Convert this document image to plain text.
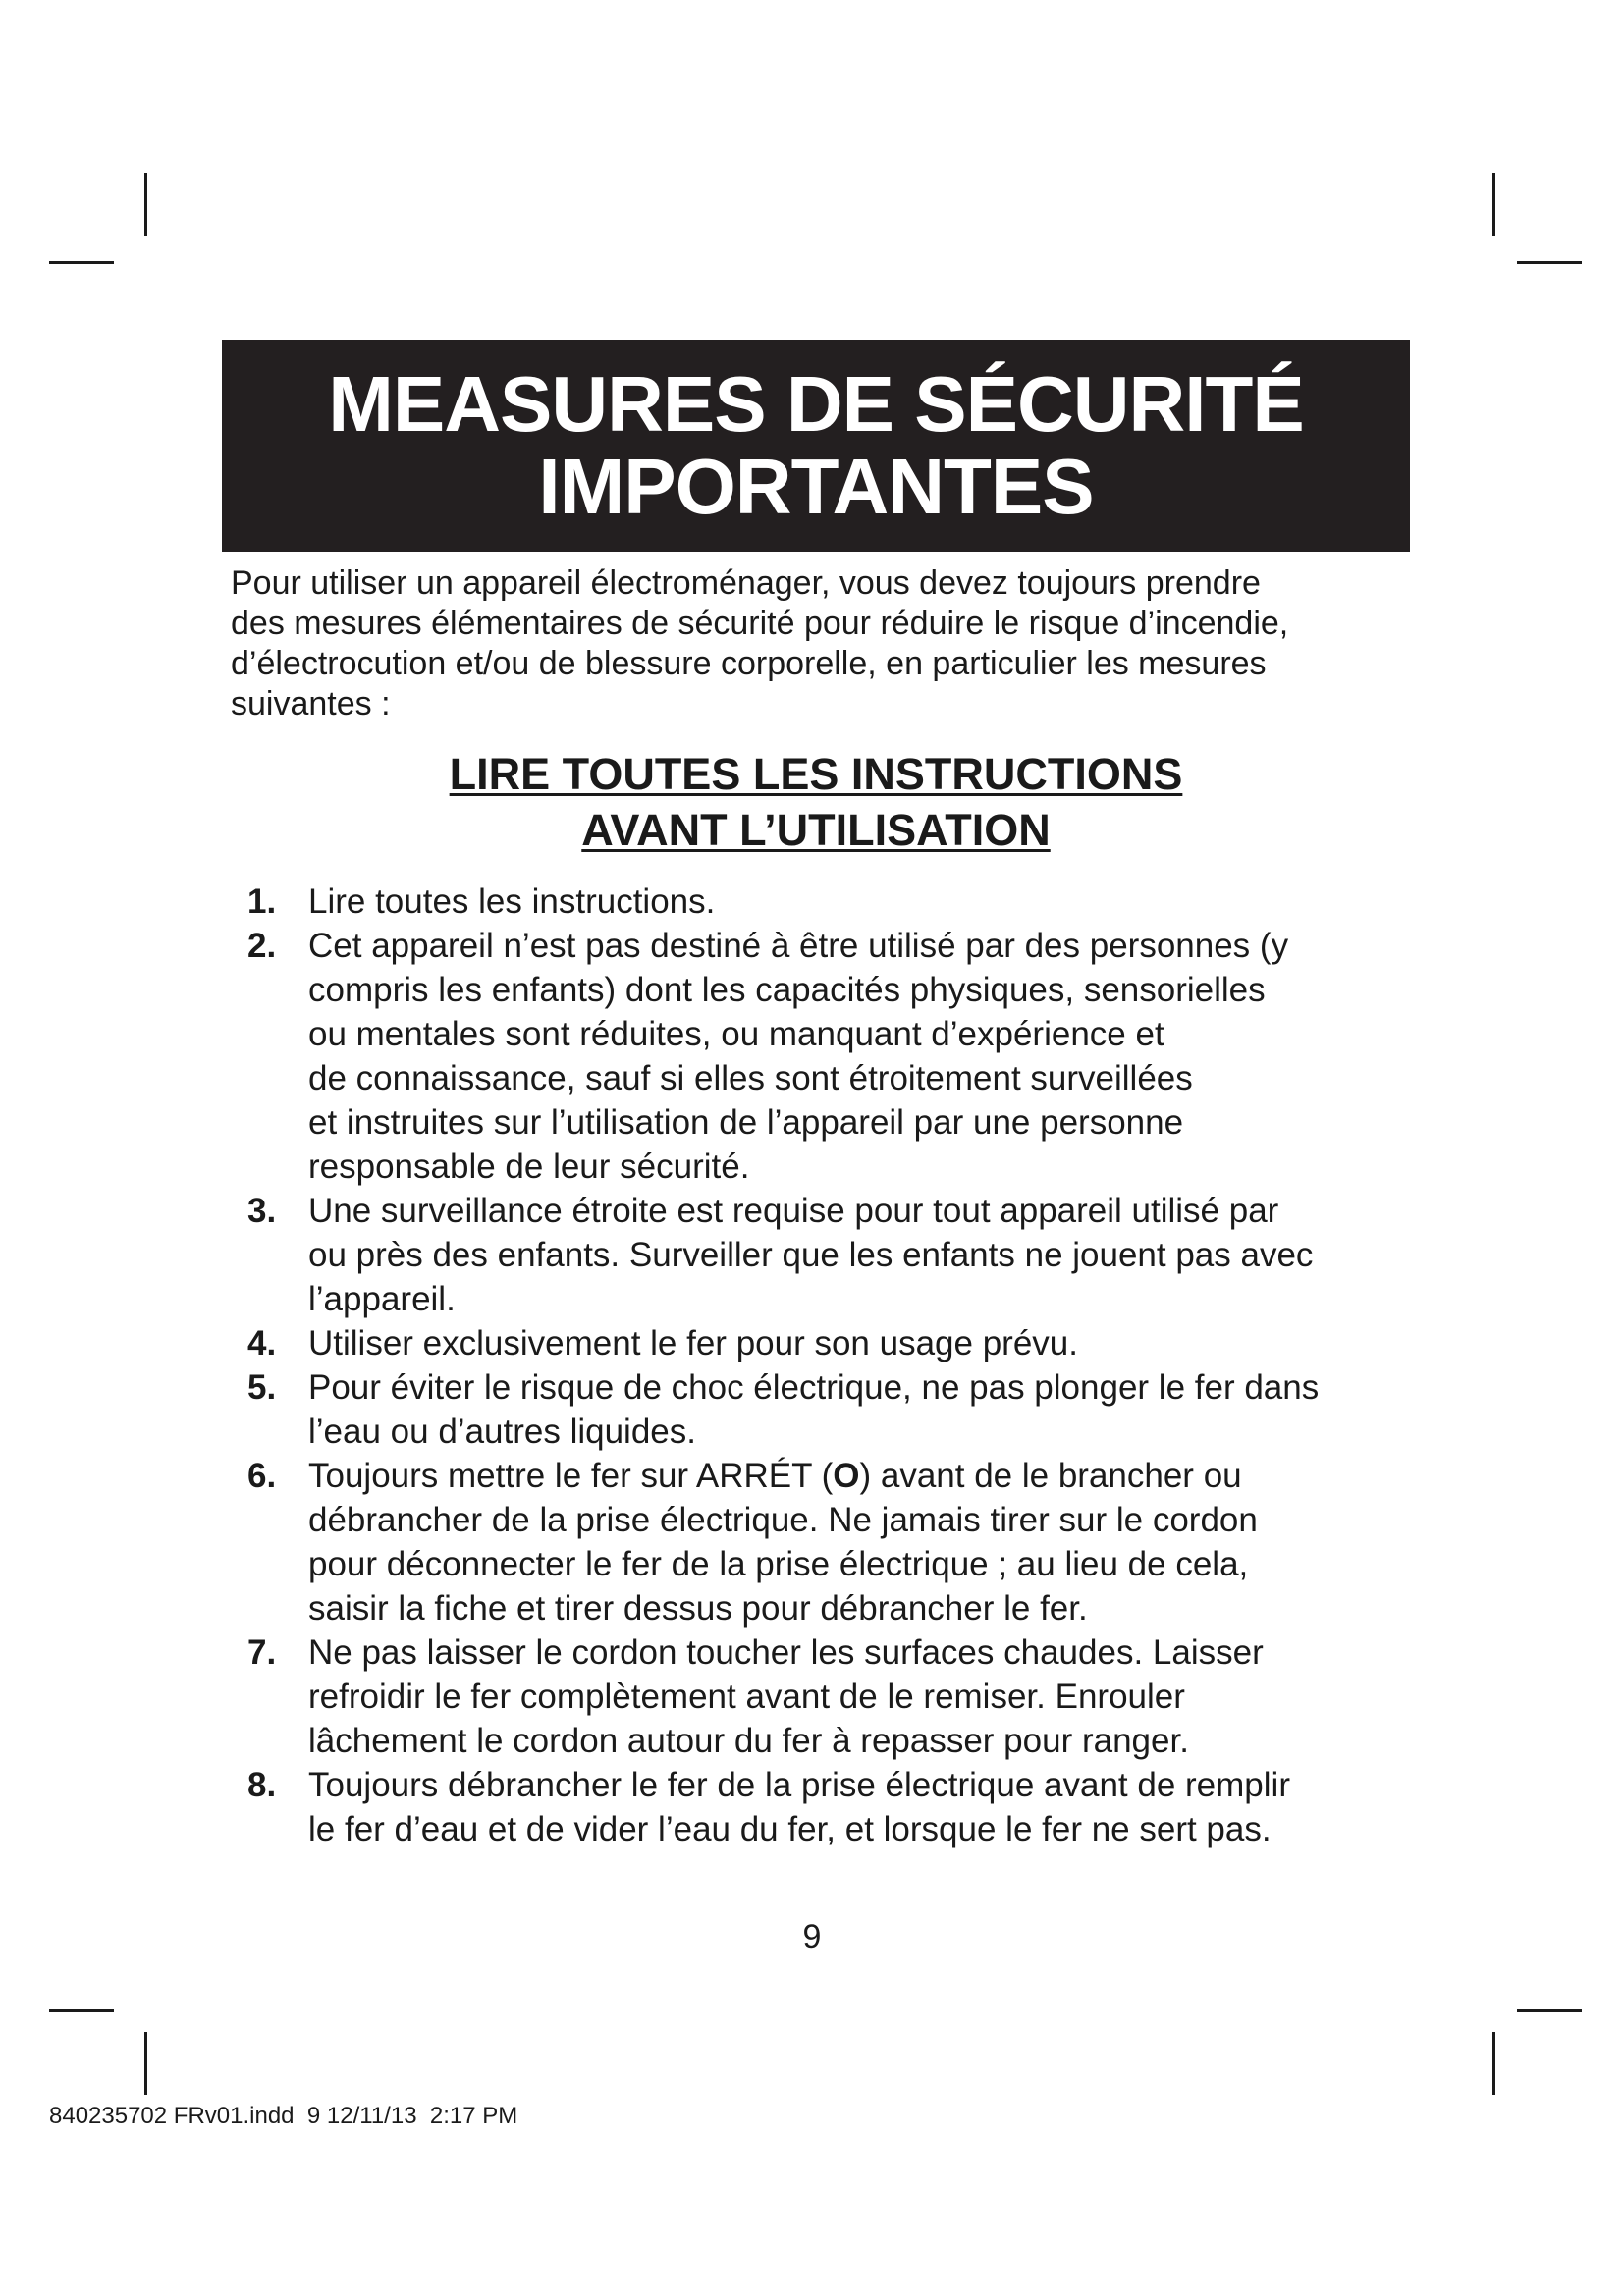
MEASURES DE SÉCURITÉ
IMPORTANTES

Pour utiliser un appareil électroménager, vous devez toujours prendre
des mesures élémentaires de sécurité pour réduire le risque d’incendie,
d’électrocution et/ou de blessure corporelle, en particulier les mesures
suivantes :

LIRE TOUTES LES INSTRUCTIONS
AVANT L’UTILISATION
1. Lire toutes les instructions.
2. Cet appareil n’est pas destiné à être utilisé par des personnes (y
compris les enfants) dont les capacités physiques, sensorielles
ou mentales sont réduites, ou manquant d’expérience et
de connaissance, sauf si elles sont étroitement surveillées
et instruites sur l’utilisation de l’appareil par une personne
responsable de leur sécurité.
3. Une surveillance étroite est requise pour tout appareil utilisé par
ou près des enfants. Surveiller que les enfants ne jouent pas avec
l’appareil.
4. Utiliser exclusivement le fer pour son usage prévu.
5. Pour éviter le risque de choc électrique, ne pas plonger le fer dans
l’eau ou d’autres liquides.
6. Toujours mettre le fer sur ARRÉT (O) avant de le brancher ou
débrancher de la prise électrique. Ne jamais tirer sur le cordon
pour déconnecter le fer de la prise électrique ; au lieu de cela,
saisir la fiche et tirer dessus pour débrancher le fer.
7. Ne pas laisser le cordon toucher les surfaces chaudes. Laisser
refroidir le fer complètement avant de le remiser. Enrouler
lâchement le cordon autour du fer à repasser pour ranger.
8. Toujours débrancher le fer de la prise électrique avant de remplir
le fer d’eau et de vider l’eau du fer, et lorsque le fer ne sert pas.
9
840235702 FRv01.indd 9 12/11/13 2:17 PM
